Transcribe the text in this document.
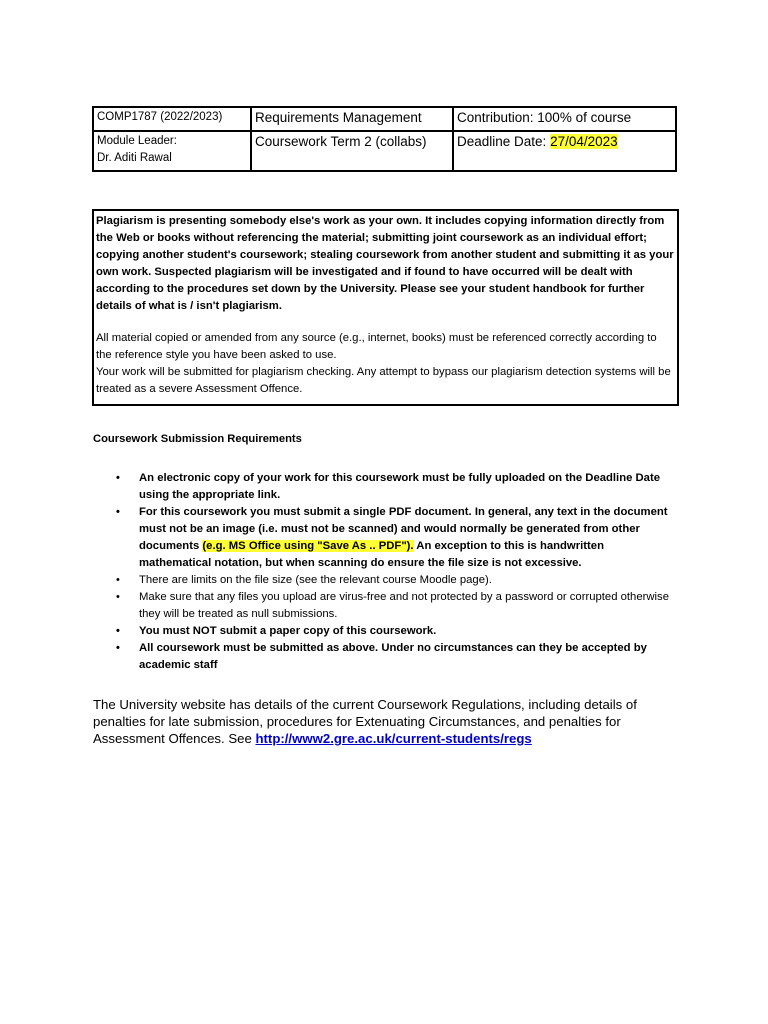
COMP1787 (2022/2023)	Requirements Management	Contribution: 100% of course

Module Leader:
Dr. Aditi Rawal	Coursework Term 2 (collabs)	Deadline Date: 27/04/2023

Plagiarism is presenting somebody else's work as your own. It includes copying information directly from the Web or books without referencing the material; submitting joint coursework as an individual effort; copying another student's coursework; stealing coursework from another student and submitting it as your own work. Suspected plagiarism will be investigated and if found to have occurred will be dealt with according to the procedures set down by the University. Please see your student handbook for further details of what is / isn't plagiarism.

All material copied or amended from any source (e.g., internet, books) must be referenced correctly according to the reference style you have been asked to use.

Your work will be submitted for plagiarism checking. Any attempt to bypass our plagiarism detection systems will be treated as a severe Assessment Offence.

Coursework Submission Requirements
• An electronic copy of your work for this coursework must be fully uploaded on the Deadline Date using the appropriate link.
• For this coursework you must submit a single PDF document. In general, any text in the document must not be an image (i.e. must not be scanned) and would normally be generated from other documents (e.g. MS Office using "Save As .. PDF"). An exception to this is handwritten mathematical notation, but when scanning do ensure the file size is not excessive.
• There are limits on the file size (see the relevant course Moodle page).
• Make sure that any files you upload are virus-free and not protected by a password or corrupted otherwise they will be treated as null submissions.
• You must NOT submit a paper copy of this coursework.
• All coursework must be submitted as above. Under no circumstances can they be accepted by academic staff
The University website has details of the current Coursework Regulations, including details of penalties for late submission, procedures for Extenuating Circumstances, and penalties for Assessment Offences. See http://www2.gre.ac.uk/current-students/regs
